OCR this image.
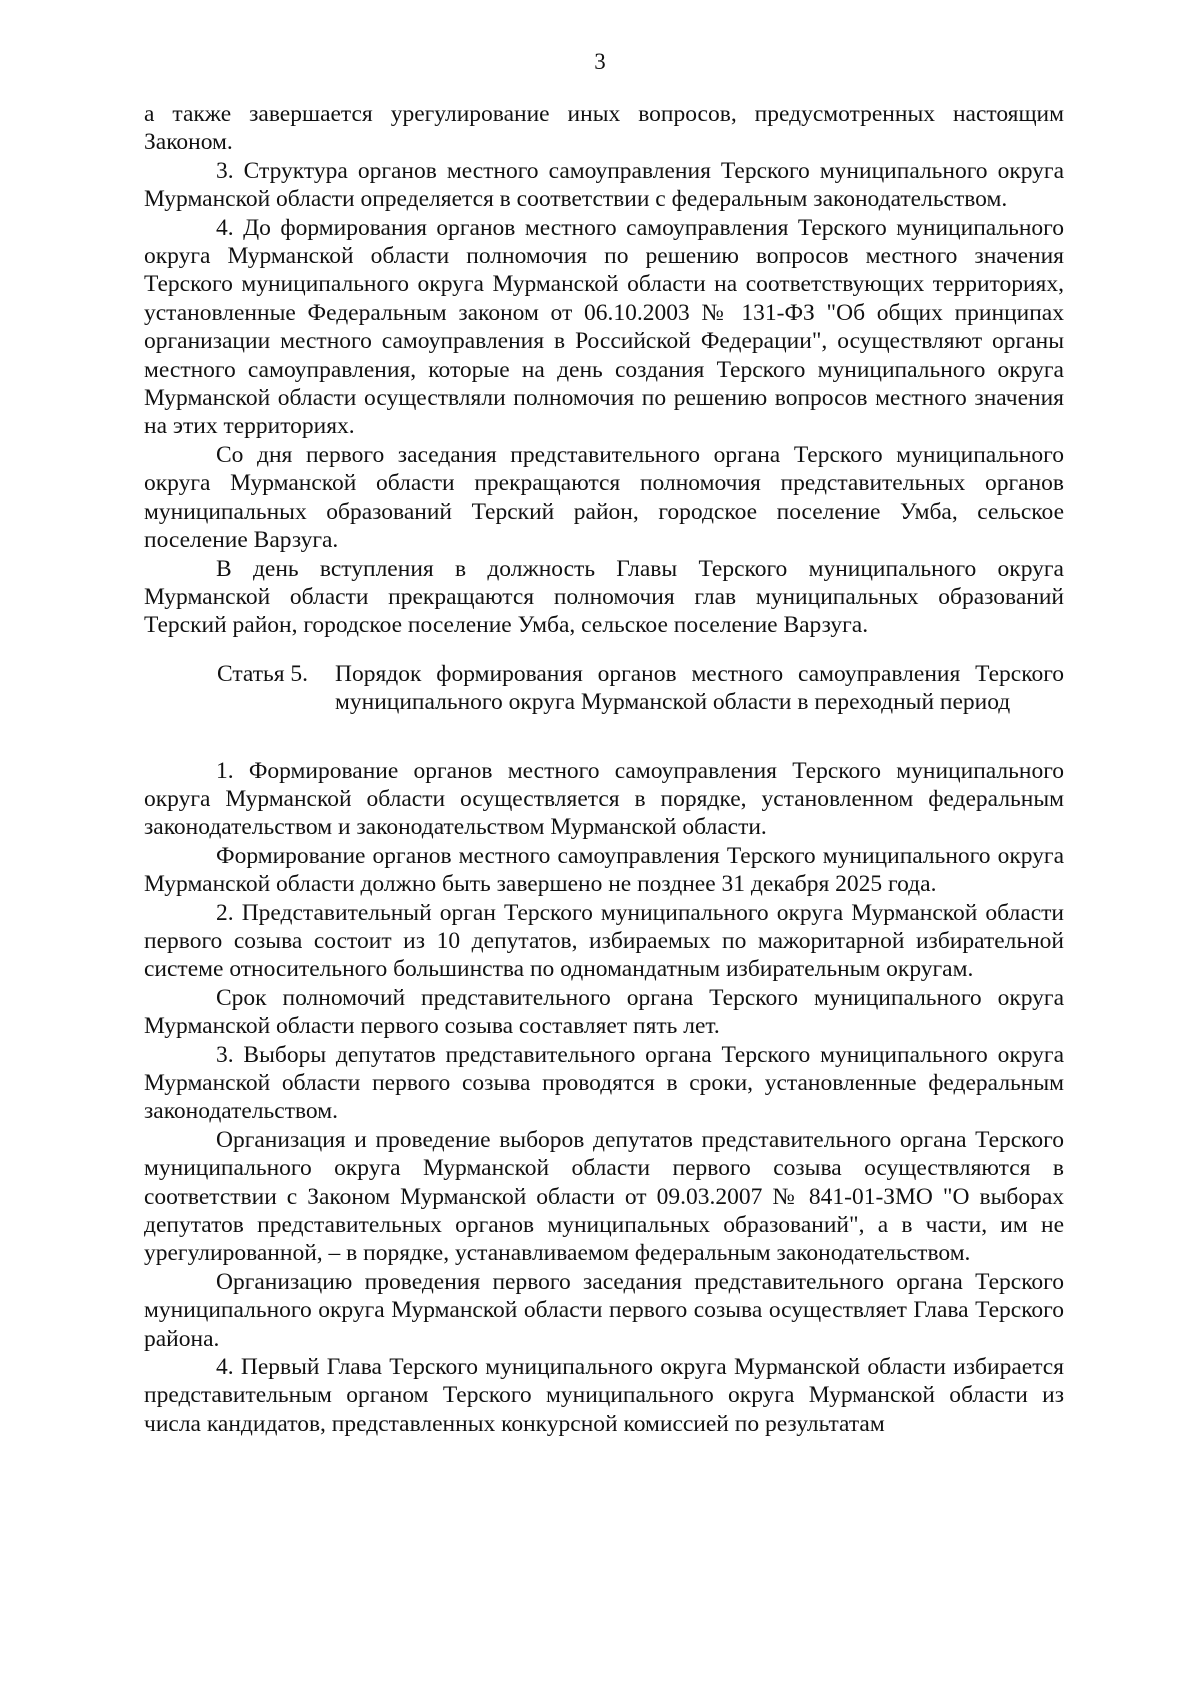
3

а также завершается урегулирование иных вопросов, предусмотренных настоящим Законом.

3. Структура органов местного самоуправления Терского муниципального округа Мурманской области определяется в соответствии с федеральным законодательством.

4. До формирования органов местного самоуправления Терского муниципального округа Мурманской области полномочия по решению вопросов местного значения Терского муниципального округа Мурманской области на соответствующих территориях, установленные Федеральным законом от 06.10.2003 № 131-ФЗ "Об общих принципах организации местного самоуправления в Российской Федерации", осуществляют органы местного самоуправления, которые на день создания Терского муниципального округа Мурманской области осуществляли полномочия по решению вопросов местного значения на этих территориях.

Со дня первого заседания представительного органа Терского муниципального округа Мурманской области прекращаются полномочия представительных органов муниципальных образований Терский район, городское поселение Умба, сельское поселение Варзуга.

В день вступления в должность Главы Терского муниципального округа Мурманской области прекращаются полномочия глав муниципальных образований Терский район, городское поселение Умба, сельское поселение Варзуга.

Статья 5.	Порядок формирования органов местного самоуправления Терского муниципального округа Мурманской области в переходный период

1. Формирование органов местного самоуправления Терского муниципального округа Мурманской области осуществляется в порядке, установленном федеральным законодательством и законодательством Мурманской области.

Формирование органов местного самоуправления Терского муниципального округа Мурманской области должно быть завершено не позднее 31 декабря 2025 года.

2. Представительный орган Терского муниципального округа Мурманской области первого созыва состоит из 10 депутатов, избираемых по мажоритарной избирательной системе относительного большинства по одномандатным избирательным округам.

Срок полномочий представительного органа Терского муниципального округа Мурманской области первого созыва составляет пять лет.

3. Выборы депутатов представительного органа Терского муниципального округа Мурманской области первого созыва проводятся в сроки, установленные федеральным законодательством.

Организация и проведение выборов депутатов представительного органа Терского муниципального округа Мурманской области первого созыва осуществляются в соответствии с Законом Мурманской области от 09.03.2007 № 841-01-ЗМО "О выборах депутатов представительных органов муниципальных образований", а в части, им не урегулированной, – в порядке, устанавливаемом федеральным законодательством.

Организацию проведения первого заседания представительного органа Терского муниципального округа Мурманской области первого созыва осуществляет Глава Терского района.

4. Первый Глава Терского муниципального округа Мурманской области избирается представительным органом Терского муниципального округа Мурманской области из числа кандидатов, представленных конкурсной комиссией по результатам
